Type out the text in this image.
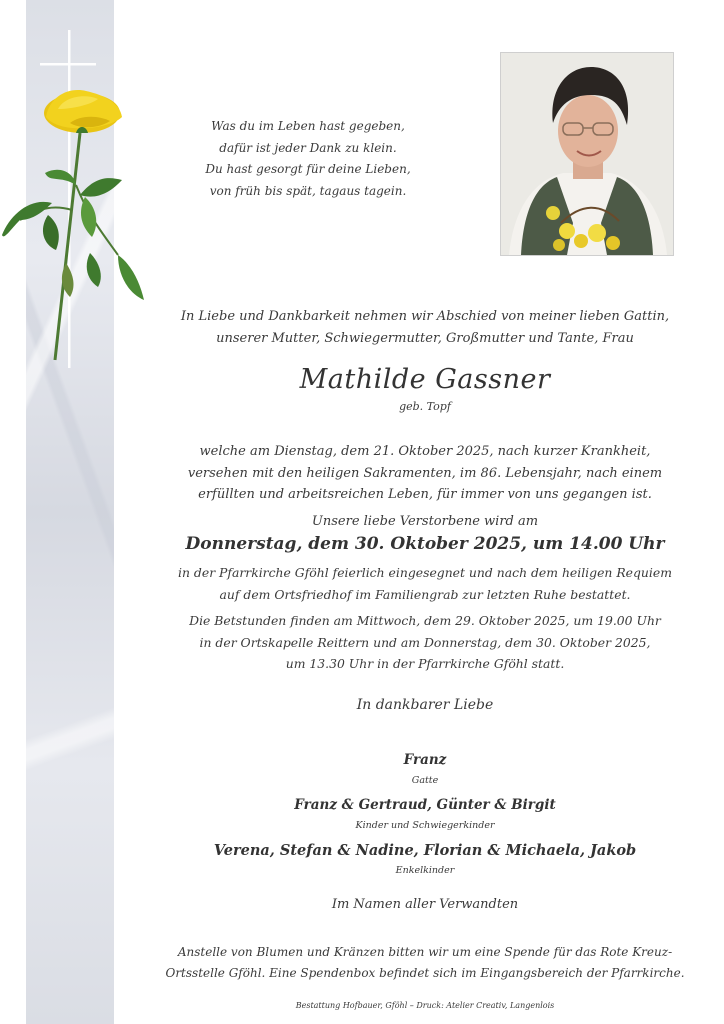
Was du im Leben hast gegeben,
dafür ist jeder Dank zu klein.
Du hast gesorgt für deine Lieben,
von früh bis spät, tagaus tagein.
In Liebe und Dankbarkeit nehmen wir Abschied von meiner lieben Gattin,
unserer Mutter, Schwiegermutter, Großmutter und Tante, Frau
Mathilde Gassner
geb. Topf
welche am Dienstag, dem 21. Oktober 2025, nach kurzer Krankheit,
versehen mit den heiligen Sakramenten, im 86. Lebensjahr, nach einem
erfüllten und arbeitsreichen Leben, für immer von uns gegangen ist.
Unsere liebe Verstorbene wird am
Donnerstag, dem 30. Oktober 2025, um 14.00 Uhr
in der Pfarrkirche Gföhl feierlich eingesegnet und nach dem heiligen Requiem
auf dem Ortsfriedhof im Familiengrab zur letzten Ruhe bestattet.
Die Betstunden finden am Mittwoch, dem 29. Oktober 2025, um 19.00 Uhr
in der Ortskapelle Reittern und am Donnerstag, dem 30. Oktober 2025,
um 13.30 Uhr in der Pfarrkirche Gföhl statt.
In dankbarer Liebe
Franz
Gatte
Franz & Gertraud, Günter & Birgit
Kinder und Schwiegerkinder
Verena, Stefan & Nadine, Florian & Michaela, Jakob
Enkelkinder
Im Namen aller Verwandten
Anstelle von Blumen und Kränzen bitten wir um eine Spende für das Rote Kreuz-
Ortsstelle Gföhl. Eine Spendenbox befindet sich im Eingangsbereich der Pfarrkirche.
Bestattung Hofbauer, Gföhl – Druck: Atelier Creativ, Langenlois
